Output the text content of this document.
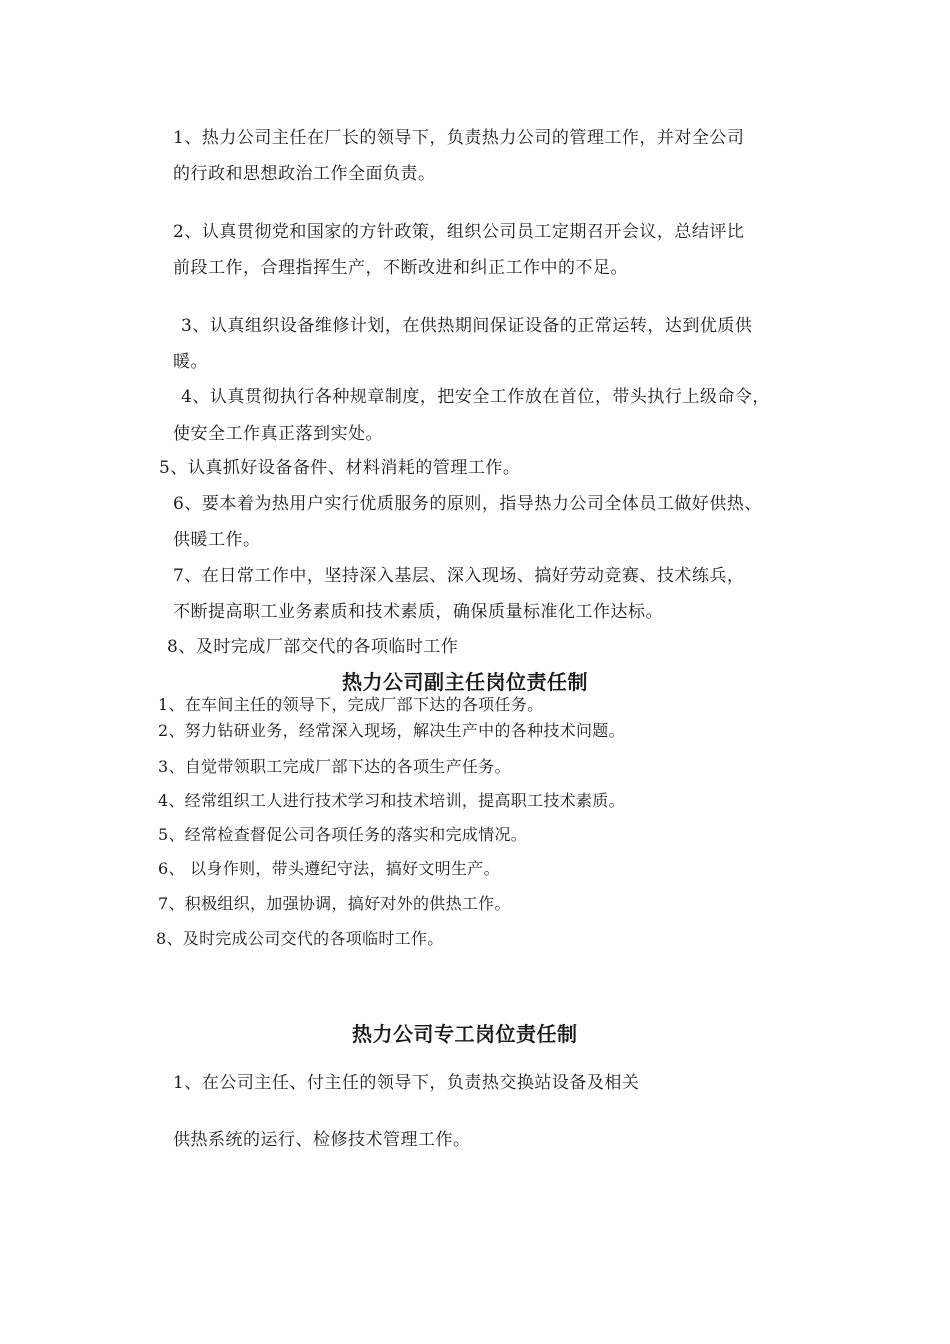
1、热力公司主任在厂长的领导下，负责热力公司的管理工作，并对全公司

的行政和思想政治工作全面负责。

2、认真贯彻党和国家的方针政策，组织公司员工定期召开会议，总结评比

前段工作，合理指挥生产，不断改进和纠正工作中的不足。

3、认真组织设备维修计划，在供热期间保证设备的正常运转，达到优质供

暖。

4、认真贯彻执行各种规章制度，把安全工作放在首位，带头执行上级命令，

使安全工作真正落到实处。

5、认真抓好设备备件、材料消耗的管理工作。

6、要本着为热用户实行优质服务的原则，指导热力公司全体员工做好供热、

供暖工作。

7、在日常工作中，坚持深入基层、深入现场、搞好劳动竞赛、技术练兵，

不断提高职工业务素质和技术素质，确保质量标准化工作达标。

8、及时完成厂部交代的各项临时工作

热力公司副主任岗位责任制

1、在车间主任的领导下，完成厂部下达的各项任务。

2、努力钻研业务，经常深入现场，解决生产中的各种技术问题。

3、自觉带领职工完成厂部下达的各项生产任务。

4、经常组织工人进行技术学习和技术培训，提高职工技术素质。

5、经常检查督促公司各项任务的落实和完成情况。

6、 以身作则，带头遵纪守法，搞好文明生产。

7、积极组织，加强协调，搞好对外的供热工作。

8、及时完成公司交代的各项临时工作。

热力公司专工岗位责任制

1、在公司主任、付主任的领导下，负责热交换站设备及相关

供热系统的运行、检修技术管理工作。
